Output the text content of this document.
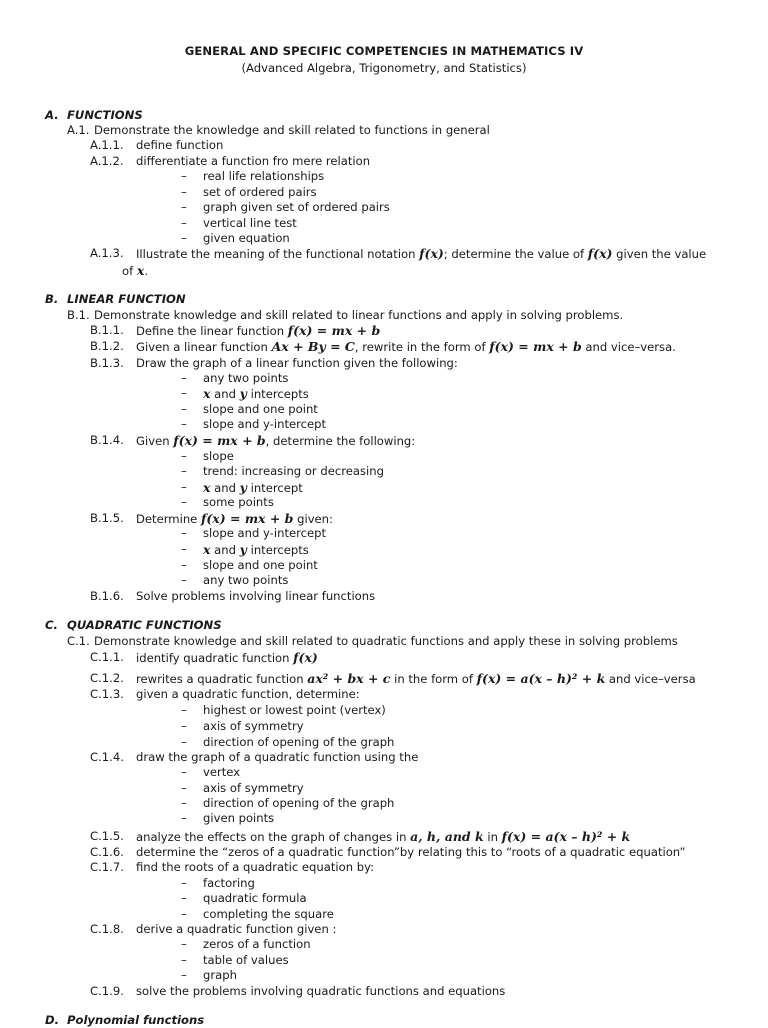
GENERAL AND SPECIFIC COMPETENCIES IN MATHEMATICS IV
(Advanced Algebra, Trigonometry, and Statistics)
A. FUNCTIONS
A.1. Demonstrate the knowledge and skill related to functions in general
A.1.1. define function
A.1.2. differentiate a function fro mere relation
– real life relationships
– set of ordered pairs
– graph given set of ordered pairs
– vertical line test
– given equation
A.1.3. Illustrate the meaning of the functional notation f(x); determine the value of f(x) given the value
of x.
B. LINEAR FUNCTION
B.1. Demonstrate knowledge and skill related to linear functions and apply in solving problems.
B.1.1. Define the linear function f(x) = mx + b
B.1.2. Given a linear function Ax + By = C, rewrite in the form of f(x) = mx + b and vice–versa.
B.1.3. Draw the graph of a linear function given the following:
– any two points
– x and y intercepts
– slope and one point
– slope and y-intercept
B.1.4. Given f(x) = mx + b, determine the following:
– slope
– trend: increasing or decreasing
– x and y intercept
– some points
B.1.5. Determine f(x) = mx + b given:
– slope and y-intercept
– x and y intercepts
– slope and one point
– any two points
B.1.6. Solve problems involving linear functions
C. QUADRATIC FUNCTIONS
C.1. Demonstrate knowledge and skill related to quadratic functions and apply these in solving problems
C.1.1. identify quadratic function f(x)
C.1.2. rewrites a quadratic function ax² + bx + c in the form of f(x) = a(x – h)² + k and vice–versa
C.1.3. given a quadratic function, determine:
– highest or lowest point (vertex)
– axis of symmetry
– direction of opening of the graph
C.1.4. draw the graph of a quadratic function using the
– vertex
– axis of symmetry
– direction of opening of the graph
– given points
C.1.5. analyze the effects on the graph of changes in a, h, and k in f(x) = a(x – h)² + k
C.1.6. determine the “zeros of a quadratic function”by relating this to “roots of a quadratic equation”
C.1.7. find the roots of a quadratic equation by:
– factoring
– quadratic formula
– completing the square
C.1.8. derive a quadratic function given :
– zeros of a function
– table of values
– graph
C.1.9. solve the problems involving quadratic functions and equations
D. Polynomial functions
